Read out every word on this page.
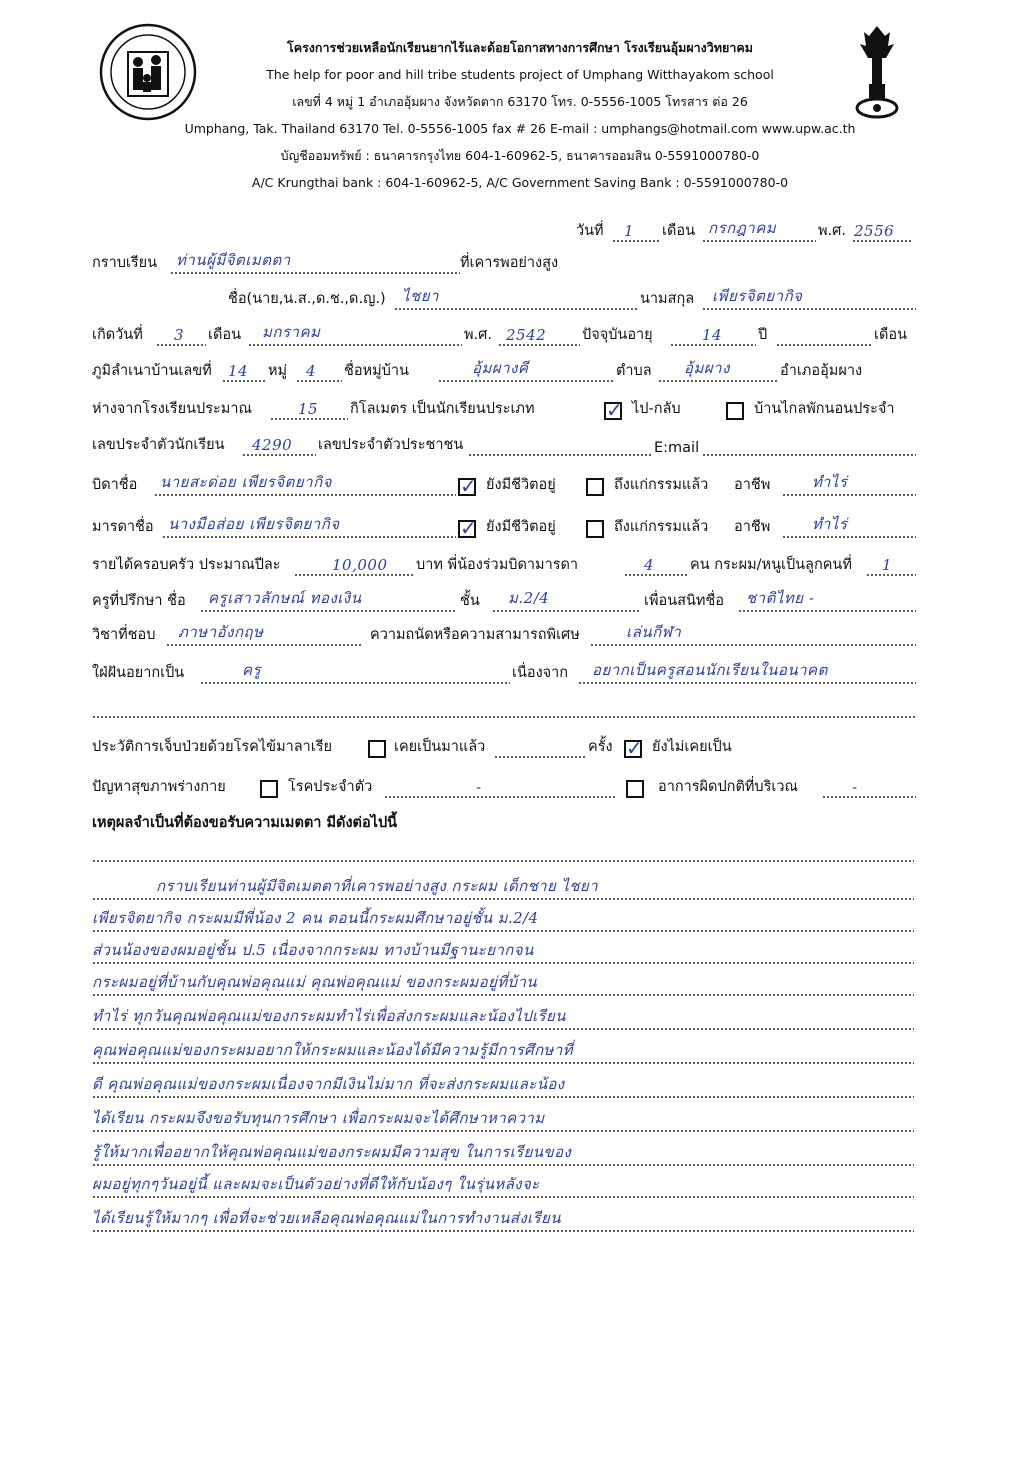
โครงการช่วยเหลือนักเรียนยากไร้และด้อยโอกาสทางการศึกษา โรงเรียนอุ้มผางวิทยาคม
The help for poor and hill tribe students project of Umphang Witthayakom school
เลขที่ 4 หมู่ 1 อำเภออุ้มผาง จังหวัดตาก 63170 โทร. 0-5556-1005 โทรสาร ต่อ 26
Umphang, Tak. Thailand 63170 Tel. 0-5556-1005 fax # 26 E-mail : umphangs@hotmail.com www.upw.ac.th
บัญชีออมทรัพย์ : ธนาคารกรุงไทย 604-1-60962-5, ธนาคารออมสิน 0-5591000780-0
A/C Krungthai bank : 604-1-60962-5, A/C Government Saving Bank : 0-5591000780-0
วันที่ 1 เดือน กรกฎาคม	พ.ศ. 2556
กราบเรียน ท่านผู้มีจิตเมตตา	ที่เคารพอย่างสูง
ชื่อ(นาย,น.ส.,ด.ช.,ด.ญ.) ไชยา	นามสกุล เพียรจิตยากิจ
เกิดวันที่ 3 เดือน มกราคม	พ.ศ. 2542 ปัจจุบันอายุ	14 ปี	เดือน
ภูมิลำเนาบ้านเลขที่ 14 หมู่ 4 ชื่อหมู่บ้าน	อุ้มผางคี	ตำบล อุ้มผาง	อำเภออุ้มผาง
ห่างจากโรงเรียนประมาณ	15 กิโลเมตร เป็นนักเรียนประเภท	✓ ไป-กลับ	บ้านไกลพักนอนประจำ
เลขประจำตัวนักเรียน 4290 เลขประจำตัวประชาชน	E:mail
บิดาชื่อ นายสะด่อย เพียรจิตยากิจ	✓ ยังมีชีวิตอยู่	ถึงแก่กรรมแล้ว อาชีพ	ทำไร่
มารดาชื่อ นางมือส่อย เพียรจิตยากิจ	✓ ยังมีชีวิตอยู่	ถึงแก่กรรมแล้ว อาชีพ	ทำไร่
รายได้ครอบครัว ประมาณปีละ	10,000 บาท พี่น้องร่วมบิดามารดา	4 คน กระผม/หนูเป็นลูกคนที่ 1
ครูที่ปรึกษา ชื่อ ครูเสาวลักษณ์ ทองเงิน	ชั้น ม.2/4	เพื่อนสนิทชื่อ ชาติไทย -
วิชาที่ชอบ ภาษาอังกฤษ	ความถนัดหรือความสามารถพิเศษ	เล่นกีฬา
ใฝ่ฝันอยากเป็น	ครู	เนื่องจาก อยากเป็นครูสอนนักเรียนในอนาคต
ประวัติการเจ็บป่วยด้วยโรคไข้มาลาเรีย	เคยเป็นมาแล้ว	ครั้ง ✓ ยังไม่เคยเป็น
ปัญหาสุขภาพร่างกาย	โรคประจำตัว	-	อาการผิดปกติที่บริเวณ	-
เหตุผลจำเป็นที่ต้องขอรับความเมตตา มีดังต่อไปนี้
กราบเรียนท่านผู้มีจิตเมตตาที่เคารพอย่างสูง กระผม เด็กชาย ไชยา
เพียรจิตยากิจ กระผมมีพี่น้อง 2 คน ตอนนี้กระผมศึกษาอยู่ชั้น ม.2/4
ส่วนน้องของผมอยู่ชั้น ป.5 เนื่องจากกระผม ทางบ้านมีฐานะยากจน
กระผมอยู่ที่บ้านกับคุณพ่อคุณแม่ คุณพ่อคุณแม่ ของกระผมอยู่ที่บ้าน
ทำไร่ ทุกวันคุณพ่อคุณแม่ของกระผมทำไร่เพื่อส่งกระผมและน้องไปเรียน
คุณพ่อคุณแม่ของกระผมอยากให้กระผมและน้องได้มีความรู้มีการศึกษาที่
ดี คุณพ่อคุณแม่ของกระผมเนื่องจากมีเงินไม่มาก ที่จะส่งกระผมและน้อง
ได้เรียน กระผมจึงขอรับทุนการศึกษา เพื่อกระผมจะได้ศึกษาหาความ
รู้ให้มากเพื่ออยากให้คุณพ่อคุณแม่ของกระผมมีความสุข ในการเรียนของ
ผมอยู่ทุกๆวันอยู่นี้ และผมจะเป็นตัวอย่างที่ดีให้กับน้องๆ ในรุ่นหลังจะ
ได้เรียนรู้ให้มากๆ เพื่อที่จะช่วยเหลือคุณพ่อคุณแม่ในการทำงานส่งเรียน
